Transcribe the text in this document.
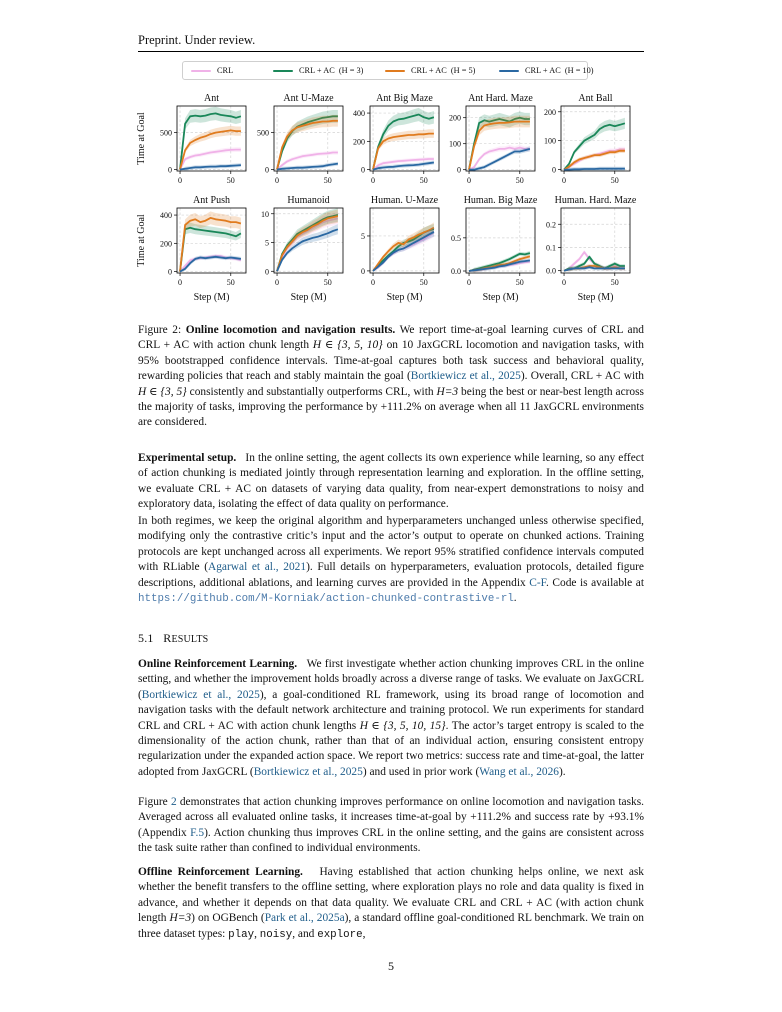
Preprint. Under review.
CRL	CRL + AC (H = 3)	CRL + AC (H = 5)	CRL + AC (H = 10)
0	50
0
500
Ant
0	50
0
500
Ant U-Maze
0	50
0
200
400
Ant Big Maze
0	50
0
100
200
Ant Hard. Maze
0	50
0
100
200
Ant Ball
0	50
0
200
400
Ant Push
Step (M)
0	50
0
5
10
Humanoid
Step (M)
0	50
0
5
Human. U-Maze
Step (M)
0	50
0.0
0.5
Human. Big Maze
Step (M)
0	50
0.0
0.1
0.2
Human. Hard. Maze
Step (M)
Time at Goal
Time at Goal
Figure 2: Online locomotion and navigation results. We report time-at-goal learning curves of CRL and CRL + AC with action chunk length H ∈ {3, 5, 10} on 10 JaxGCRL locomotion and navigation tasks, with 95% bootstrapped confidence intervals. Time-at-goal captures both task success and behavioral quality, rewarding policies that reach and stably maintain the goal (Bortkiewicz et al., 2025). Overall, CRL + AC with H ∈ {3, 5} consistently and substantially outperforms CRL, with H=3 being the best or near-best length across the majority of tasks, improving the performance by +111.2% on average when all 11 JaxGCRL environments are considered.
Experimental setup. In the online setting, the agent collects its own experience while learning, so any effect of action chunking is mediated jointly through representation learning and exploration. In the offline setting, we evaluate CRL + AC on datasets of varying data quality, from near-expert demonstrations to noisy and exploratory data, isolating the effect of data quality on performance.
In both regimes, we keep the original algorithm and hyperparameters unchanged unless otherwise specified, modifying only the contrastive critic’s input and the actor’s output to operate on chunked actions. Training protocols are kept unchanged across all experiments. We report 95% stratified confidence intervals computed with RLiable (Agarwal et al., 2021). Full details on hyperparameters, evaluation protocols, detailed figure descriptions, additional ablations, and learning curves are provided in the Appendix C-F. Code is available at https://github.com/M-Korniak/action-chunked-contrastive-rl.
5.1 RESULTS
Online Reinforcement Learning. We first investigate whether action chunking improves CRL in the online setting, and whether the improvement holds broadly across a diverse range of tasks. We evaluate on JaxGCRL (Bortkiewicz et al., 2025), a goal-conditioned RL framework, using its broad range of locomotion and navigation tasks with the default network architecture and training protocol. We run experiments for standard CRL and CRL + AC with action chunk lengths H ∈ {3, 5, 10, 15}. The actor’s target entropy is scaled to the dimensionality of the action chunk, rather than that of an individual action, ensuring consistent entropy regularization under the expanded action space. We report two metrics: success rate and time-at-goal, the latter adopted from JaxGCRL (Bortkiewicz et al., 2025) and used in prior work (Wang et al., 2026).
Figure 2 demonstrates that action chunking improves performance on online locomotion and navigation tasks. Averaged across all evaluated online tasks, it increases time-at-goal by +111.2% and success rate by +93.1% (Appendix F.5). Action chunking thus improves CRL in the online setting, and the gains are consistent across the task suite rather than confined to individual environments.
Offline Reinforcement Learning. Having established that action chunking helps online, we next ask whether the benefit transfers to the offline setting, where exploration plays no role and data quality is fixed in advance, and whether it depends on that data quality. We evaluate CRL and CRL + AC (with action chunk length H=3) on OGBench (Park et al., 2025a), a standard offline goal-conditioned RL benchmark. We train on three dataset types: play, noisy, and explore,
5
